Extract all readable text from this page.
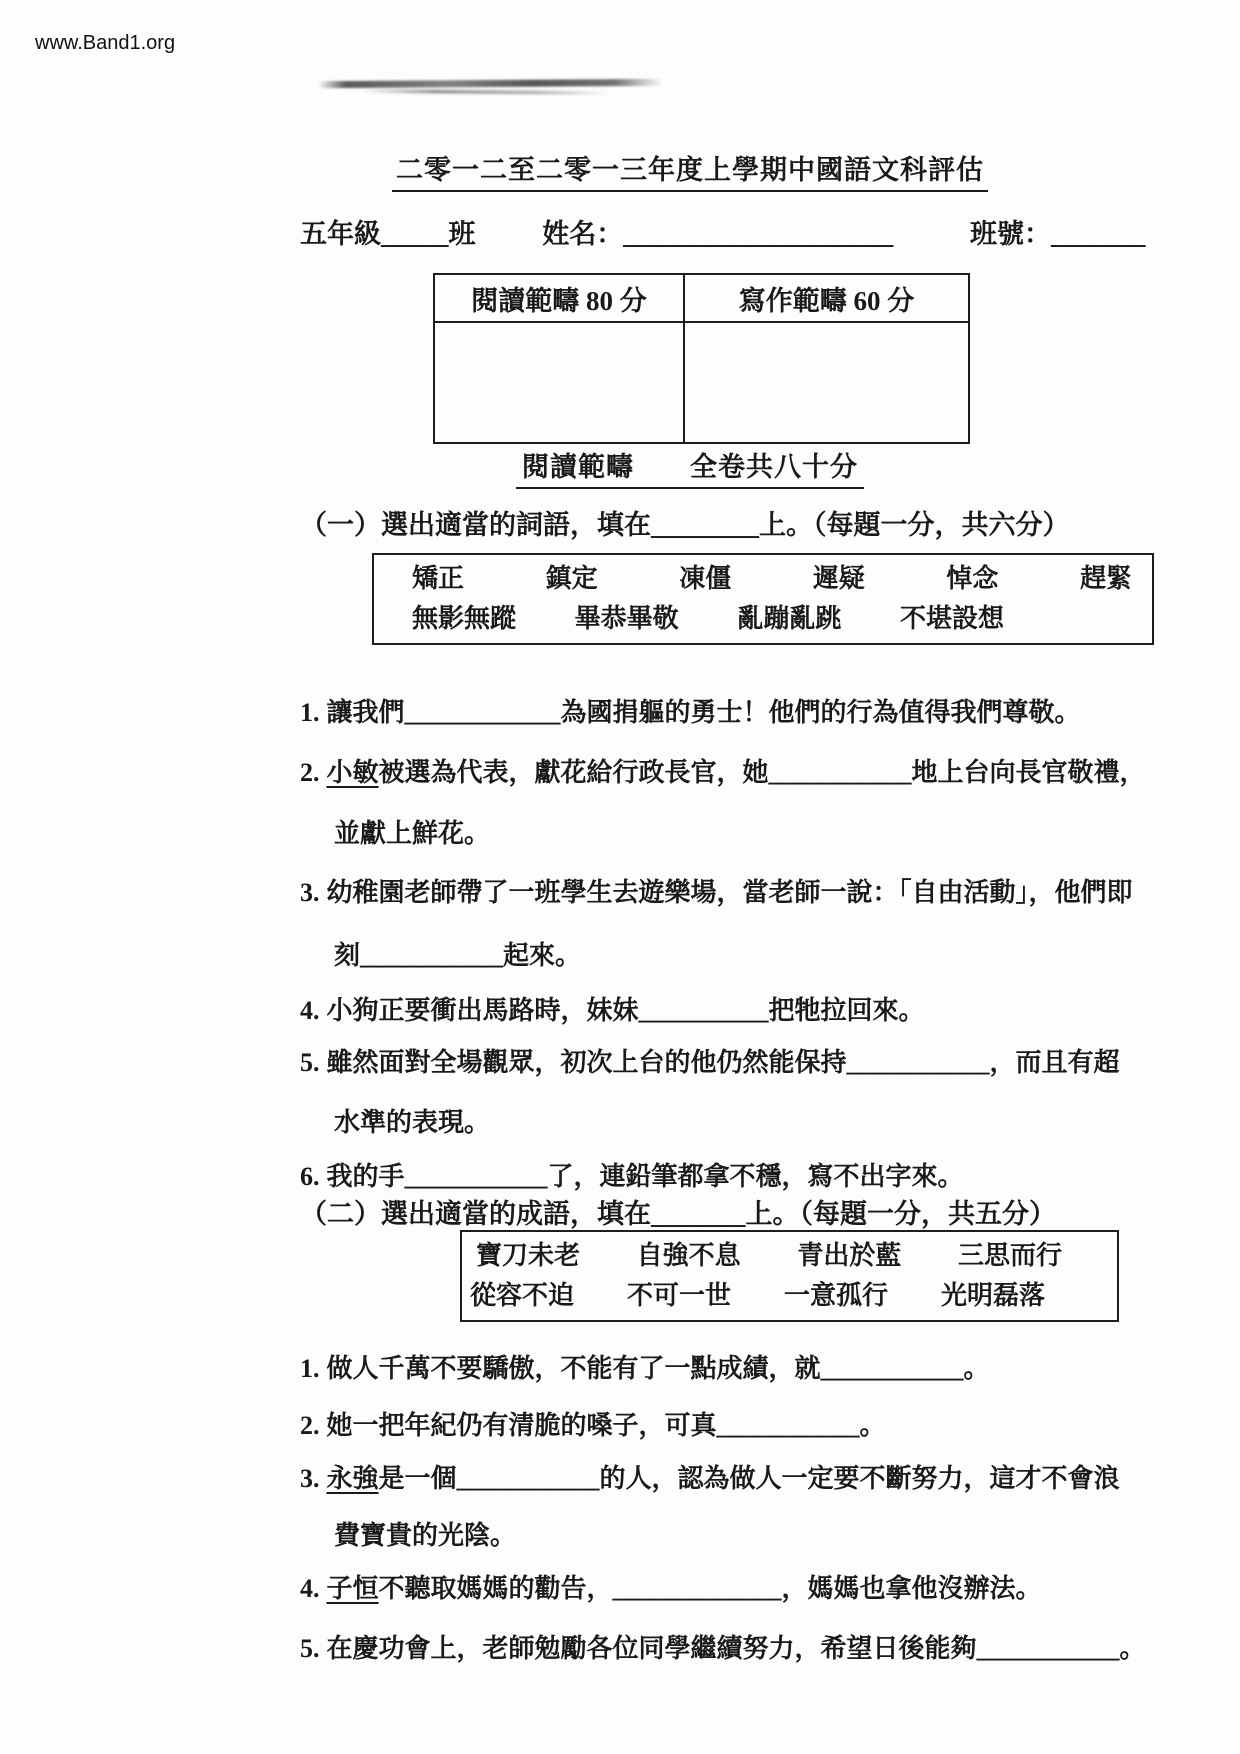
www.Band1.org
二零一二至二零一三年度上學期中國語文科評估
五年級_____班 姓名：____________________	班號：_______
閱讀範疇 80 分	寫作範疇 60 分
閱讀範疇　　全卷共八十分
（一）選出適當的詞語，填在________上。（每題一分，共六分）
矯正	鎮定	凍僵	遲疑	悼念	趕緊
無影無蹤 畢恭畢敬 亂蹦亂跳 不堪設想
1. 讓我們____________為國捐軀的勇士！他們的行為值得我們尊敬。
2. 小敏被選為代表，獻花給行政長官，她___________地上台向長官敬禮，
並獻上鮮花。
3. 幼稚園老師帶了一班學生去遊樂場，當老師一說：「自由活動」，他們即
刻___________起來。
4. 小狗正要衝出馬路時，妹妹__________把牠拉回來。
5. 雖然面對全場觀眾，初次上台的他仍然能保持___________，而且有超
水準的表現。
6. 我的手___________了，連鉛筆都拿不穩，寫不出字來。
（二）選出適當的成語，填在_______上。（每題一分，共五分）
寶刀未老 自強不息 青出於藍 三思而行
從容不迫 不可一世 一意孤行 光明磊落
1. 做人千萬不要驕傲，不能有了一點成績，就___________。
2. 她一把年紀仍有清脆的嗓子，可真___________。
3. 永強是一個___________的人，認為做人一定要不斷努力，這才不會浪
費寶貴的光陰。
4. 子恒不聽取媽媽的勸告，_____________，媽媽也拿他沒辦法。
5. 在慶功會上，老師勉勵各位同學繼續努力，希望日後能夠___________。
